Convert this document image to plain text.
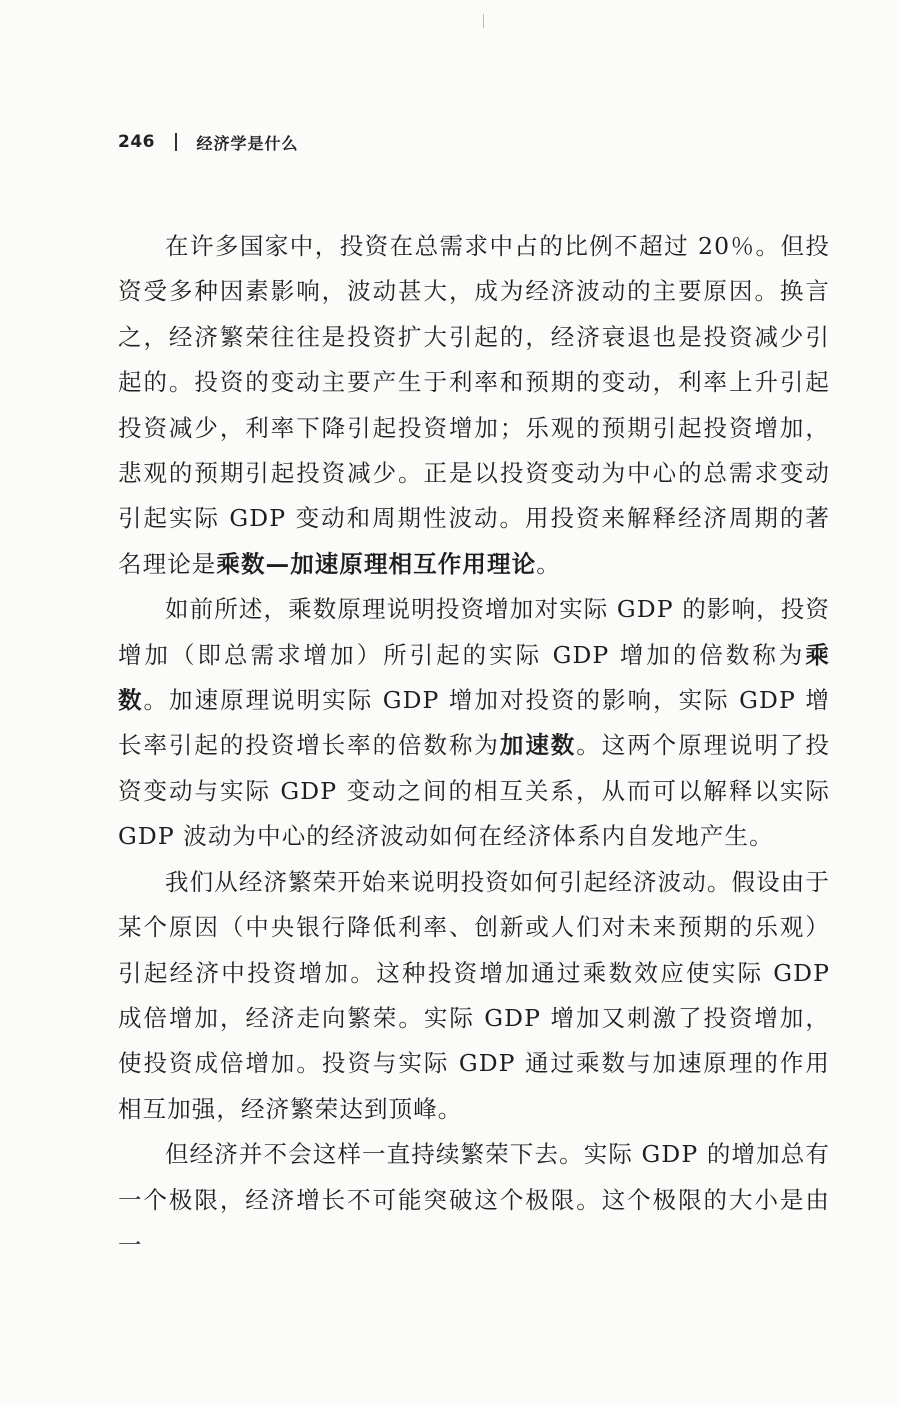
246	经济学是什么

在许多国家中，投资在总需求中占的比例不超过 20％。但投资受多种因素影响，波动甚大，成为经济波动的主要原因。换言之，经济繁荣往往是投资扩大引起的，经济衰退也是投资减少引起的。投资的变动主要产生于利率和预期的变动，利率上升引起投资减少，利率下降引起投资增加；乐观的预期引起投资增加，悲观的预期引起投资减少。正是以投资变动为中心的总需求变动引起实际 GDP 变动和周期性波动。用投资来解释经济周期的著名理论是乘数—加速原理相互作用理论。

如前所述，乘数原理说明投资增加对实际 GDP 的影响，投资增加（即总需求增加）所引起的实际 GDP 增加的倍数称为乘数。加速原理说明实际 GDP 增加对投资的影响，实际 GDP 增长率引起的投资增长率的倍数称为加速数。这两个原理说明了投资变动与实际 GDP 变动之间的相互关系，从而可以解释以实际 GDP 波动为中心的经济波动如何在经济体系内自发地产生。

我们从经济繁荣开始来说明投资如何引起经济波动。假设由于某个原因（中央银行降低利率、创新或人们对未来预期的乐观）引起经济中投资增加。这种投资增加通过乘数效应使实际 GDP 成倍增加，经济走向繁荣。实际 GDP 增加又刺激了投资增加，使投资成倍增加。投资与实际 GDP 通过乘数与加速原理的作用相互加强，经济繁荣达到顶峰。

但经济并不会这样一直持续繁荣下去。实际 GDP 的增加总有一个极限，经济增长不可能突破这个极限。这个极限的大小是由一
